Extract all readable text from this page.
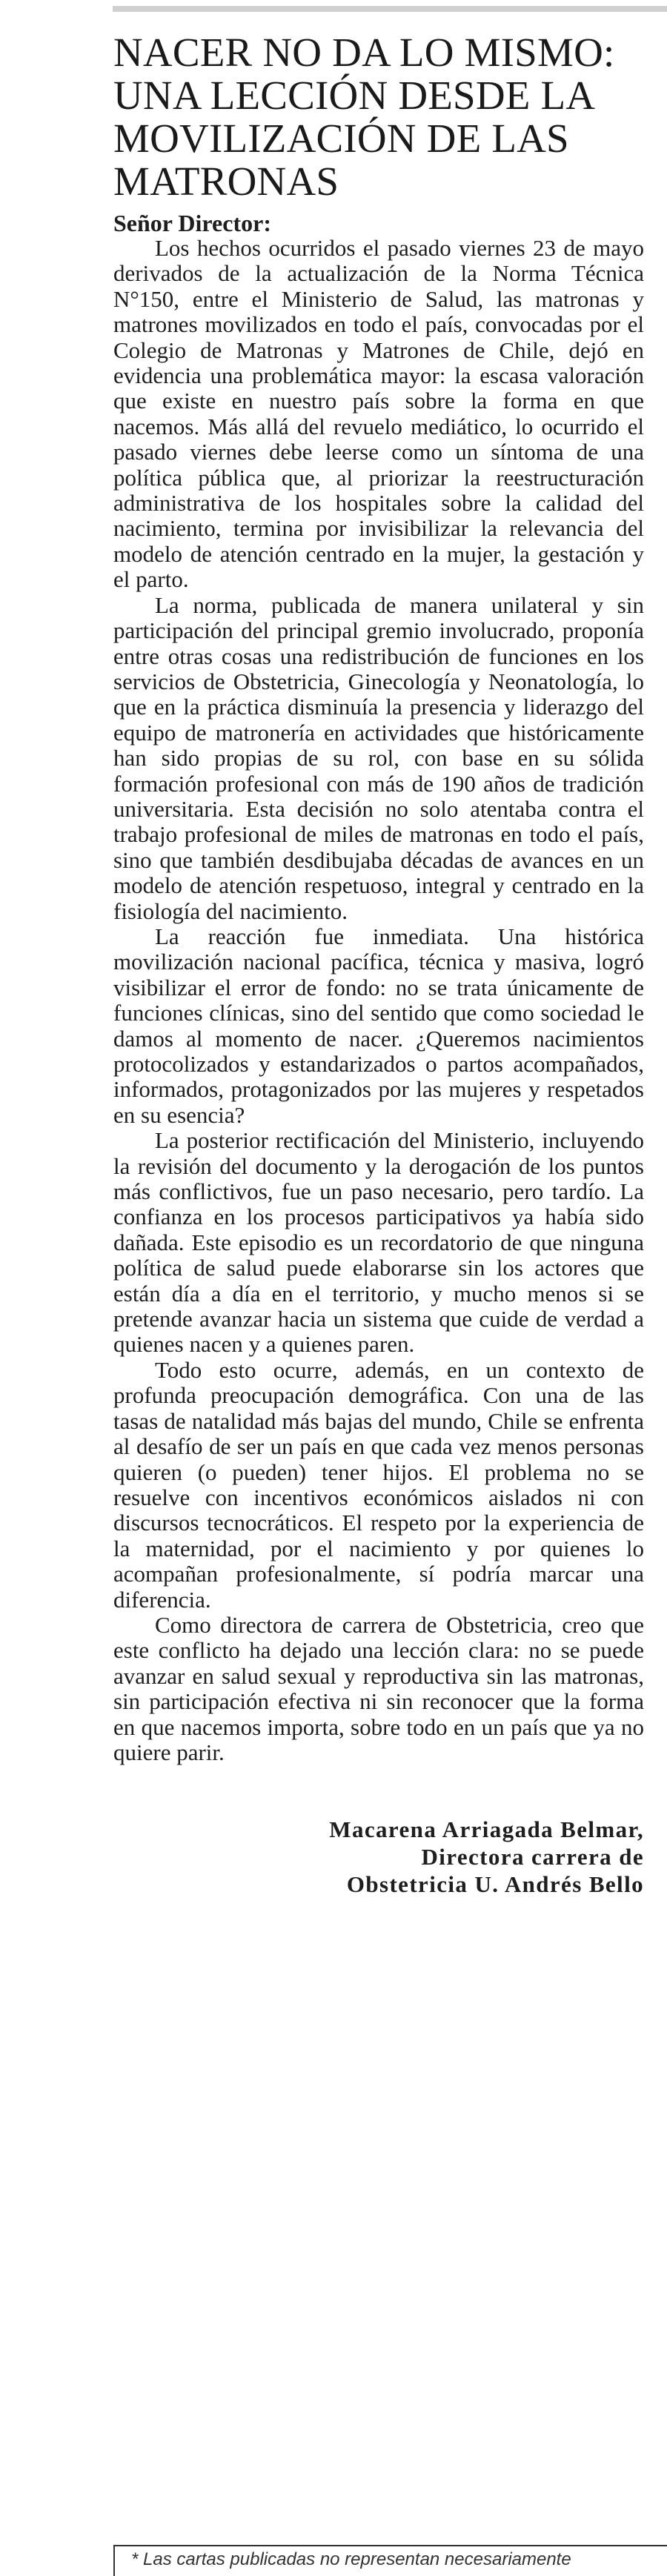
NACER NO DA LO MISMO: UNA LECCIÓN DESDE LA MOVILIZACIÓN DE LAS MATRONAS
Señor Director:

Los hechos ocurridos el pasado viernes 23 de mayo derivados de la actualización de la Norma Técnica N°150, entre el Ministerio de Salud, las matronas y matrones movilizados en todo el país, convocadas por el Colegio de Matronas y Matrones de Chile, dejó en evidencia una problemática mayor: la escasa valoración que existe en nuestro país sobre la forma en que nacemos. Más allá del revuelo mediático, lo ocurrido el pasado viernes debe leerse como un síntoma de una política pública que, al priorizar la reestructuración administrativa de los hospitales sobre la calidad del nacimiento, termina por invisibilizar la relevancia del modelo de atención centrado en la mujer, la gestación y el parto.

La norma, publicada de manera unilateral y sin participación del principal gremio involucrado, proponía entre otras cosas una redistribución de funciones en los servicios de Obstetricia, Ginecología y Neonatología, lo que en la práctica disminuía la presencia y liderazgo del equipo de matronería en actividades que históricamente han sido propias de su rol, con base en su sólida formación profesional con más de 190 años de tradición universitaria. Esta decisión no solo atentaba contra el trabajo profesional de miles de matronas en todo el país, sino que también desdibujaba décadas de avances en un modelo de atención respetuoso, integral y centrado en la fisiología del nacimiento.

La reacción fue inmediata. Una histórica movilización nacional pacífica, técnica y masiva, logró visibilizar el error de fondo: no se trata únicamente de funciones clínicas, sino del sentido que como sociedad le damos al momento de nacer. ¿Queremos nacimientos protocolizados y estandarizados o partos acompañados, informados, protagonizados por las mujeres y respetados en su esencia?

La posterior rectificación del Ministerio, incluyendo la revisión del documento y la derogación de los puntos más conflictivos, fue un paso necesario, pero tardío. La confianza en los procesos participativos ya había sido dañada. Este episodio es un recordatorio de que ninguna política de salud puede elaborarse sin los actores que están día a día en el territorio, y mucho menos si se pretende avanzar hacia un sistema que cuide de verdad a quienes nacen y a quienes paren.

Todo esto ocurre, además, en un contexto de profunda preocupación demográfica. Con una de las tasas de natalidad más bajas del mundo, Chile se enfrenta al desafío de ser un país en que cada vez menos personas quieren (o pueden) tener hijos. El problema no se resuelve con incentivos económicos aislados ni con discursos tecnocráticos. El respeto por la experiencia de la maternidad, por el nacimiento y por quienes lo acompañan profesionalmente, sí podría marcar una diferencia.

Como directora de carrera de Obstetricia, creo que este conflicto ha dejado una lección clara: no se puede avanzar en salud sexual y reproductiva sin las matronas, sin participación efectiva ni sin reconocer que la forma en que nacemos importa, sobre todo en un país que ya no quiere parir.

Macarena Arriagada Belmar,
Directora carrera de
Obstetricia U. Andrés Bello
* Las cartas publicadas no representan necesariamente
